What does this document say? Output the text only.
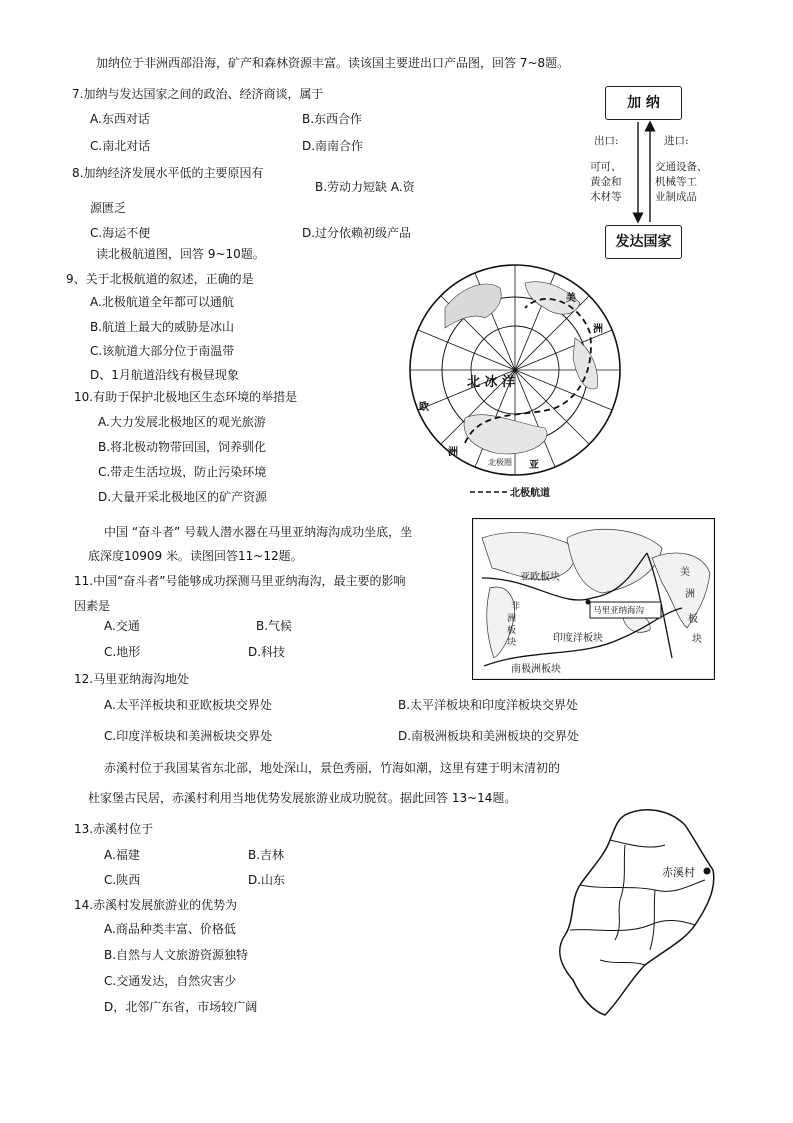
加纳位于非洲西部沿海，矿产和森林资源丰富。读该国主要进出口产品图，回答 7~8题。
7.加纳与发达国家之间的政治、经济商谈，属于
A.东西对话	B.东西合作
C.南北对话	D.南南合作
8.加纳经济发展水平低的主要原因有
B.劳动力短缺 A.资
源匮乏
C.海运不便	D.过分依赖初级产品
加 纳
发达国家
出口:	进口:
可可、
黄金和
木材等
交通设备、
机械等工
业制成品
读北极航道图，回答 9~10题。
9、关于北极航道的叙述，正确的是
A.北极航道全年都可以通航
B.航道上最大的威胁是冰山
C.该航道大部分位于南温带
D、1月航道沿线有极昼现象
10.有助于保护北极地区生态环境的举措是
A.大力发展北极地区的观光旅游
B.将北极动物带回国，饲养驯化
C.带走生活垃圾，防止污染环境
D.大量开采北极地区的矿产资源
北 冰 洋
欧
洲
亚
美
洲
北极圈
北极航道
中国 “奋斗者” 号载人潜水器在马里亚纳海沟成功坐底，坐
底深度10909 米。读图回答11~12题。
11.中国“奋斗者”号能够成功探测马里亚纳海沟，最主要的影响
因素是
A.交通	B.气候
C.地形	D.科技
亚欧板块
非
洲
板
块	印度洋板块
南极洲板块
美
洲
板
块
马里亚纳海沟
12.马里亚纳海沟地处
A.太平洋板块和亚欧板块交界处	B.太平洋板块和印度洋板块交界处
C.印度洋板块和美洲板块交界处	D.南极洲板块和美洲板块的交界处
赤溪村位于我国某省东北部，地处深山，景色秀丽，竹海如潮，这里有建于明末清初的
杜家堡古民居，赤溪村利用当地优势发展旅游业成功脱贫。据此回答 13~14题。
13.赤溪村位于
A.福建	B.吉林
C.陕西	D.山东
14.赤溪村发展旅游业的优势为
A.商品种类丰富、价格低
B.自然与人文旅游资源独特
C.交通发达，自然灾害少
D，北邻广东省，市场较广阔
赤溪村
